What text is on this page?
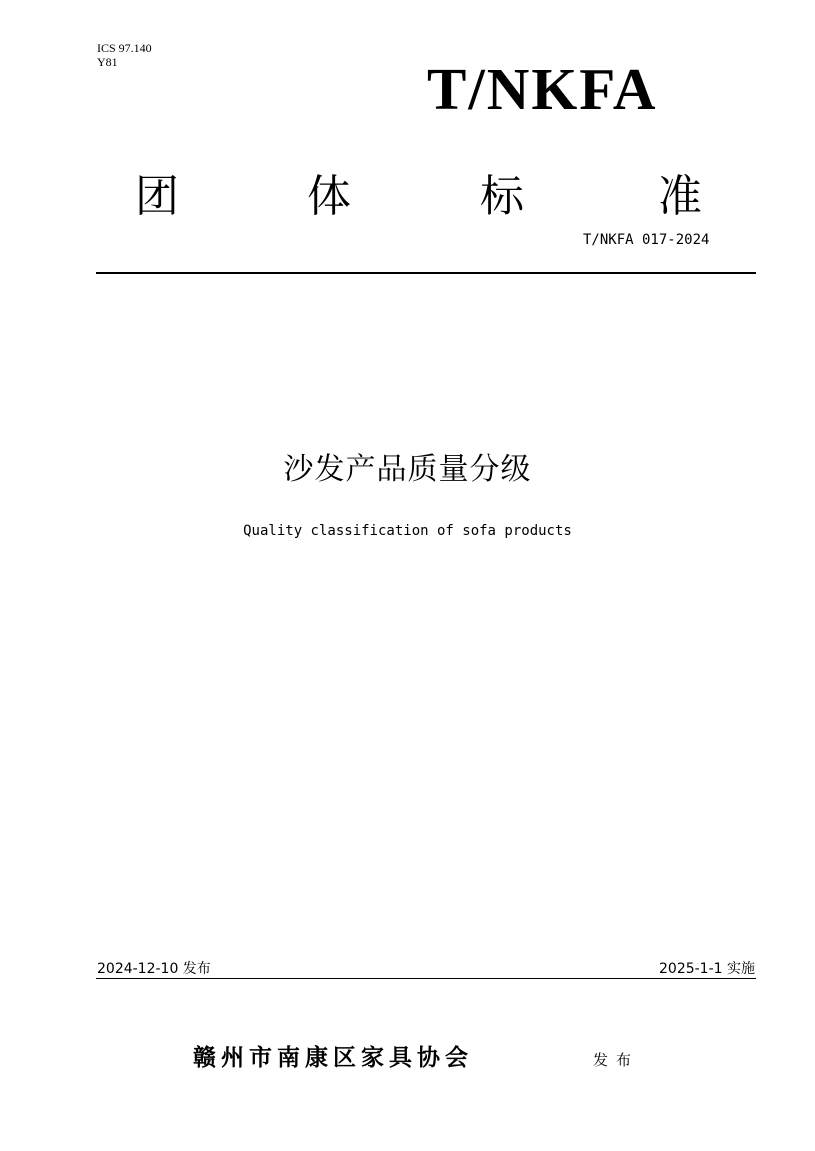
ICS 97.140
Y81	T/NKFA
团	体	标	准
T/NKFA 017-2024
沙发产品质量分级
Quality classification of sofa products
2024-12-10 发布	2025-1-1 实施
赣州市南康区家具协会	发布
